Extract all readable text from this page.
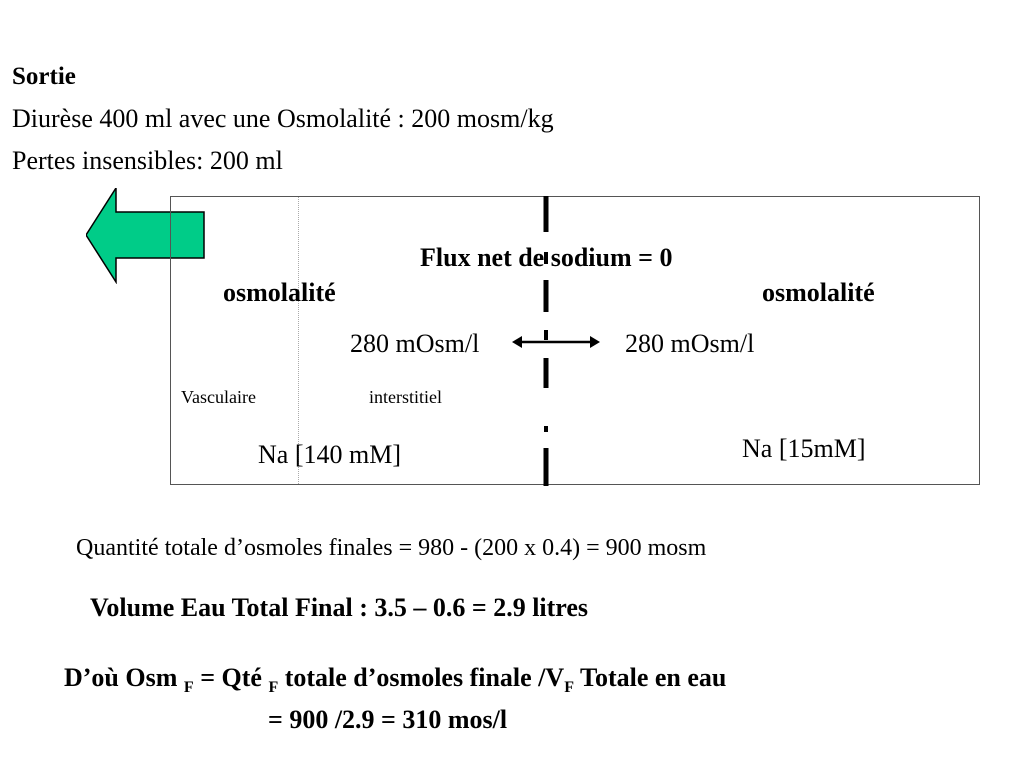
Sortie
Diurèse 400 ml avec une Osmolalité : 200 mosm/kg
Pertes insensibles: 200 ml
Flux net de sodium = 0
osmolalité	osmolalité
280 mOsm/l	280 mOsm/l
Vasculaire	interstitiel
Na [140 mM]	Na [15mM]
Quantité totale d’osmoles finales = 980 - (200 x 0.4) = 900 mosm
Volume Eau Total Final : 3.5 – 0.6 = 2.9 litres
D’où Osm $_F$ = Qté $_F$ totale d’osmoles finale $/V_F$ Totale en eau
= 900 /2.9 = 310 mos/l
